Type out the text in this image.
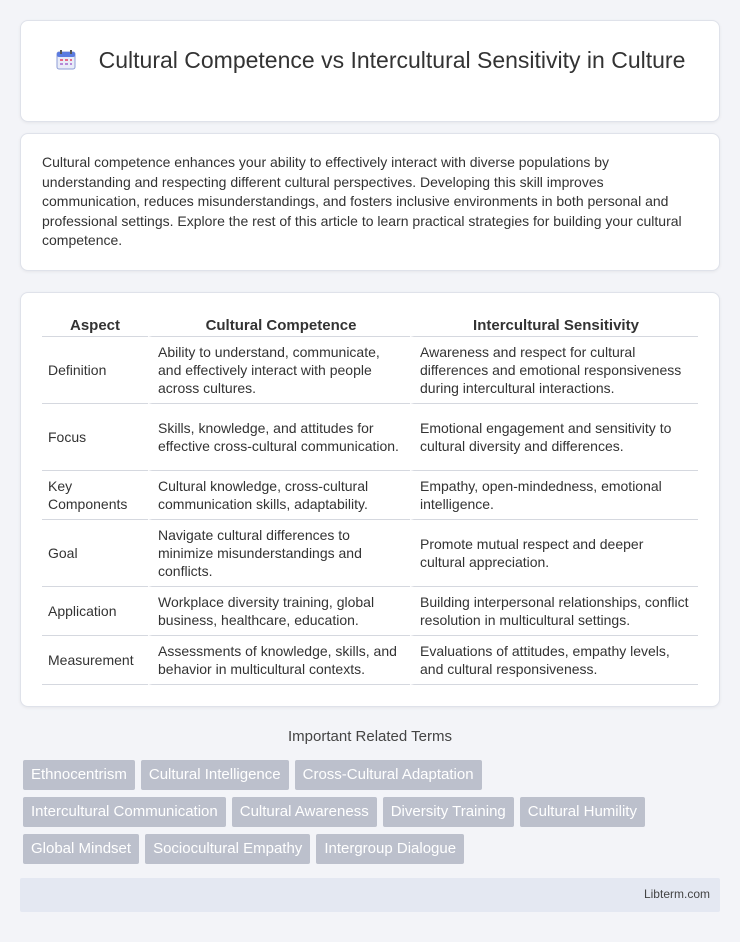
Cultural Competence vs Intercultural Sensitivity in Culture

Cultural competence enhances your ability to effectively interact with diverse populations by understanding and respecting different cultural perspectives. Developing this skill improves communication, reduces misunderstandings, and fosters inclusive environments in both personal and professional settings. Explore the rest of this article to learn practical strategies for building your cultural competence.

Aspect	Cultural Competence	Intercultural Sensitivity
Definition	Ability to understand, communicate, and effectively interact with people across cultures.	Awareness and respect for cultural differences and emotional responsiveness during intercultural interactions.
Focus	Skills, knowledge, and attitudes for effective cross-cultural communication.	Emotional engagement and sensitivity to cultural diversity and differences.
Key Components	Cultural knowledge, cross-cultural communication skills, adaptability.	Empathy, open-mindedness, emotional intelligence.
Goal	Navigate cultural differences to minimize misunderstandings and conflicts.	Promote mutual respect and deeper cultural appreciation.
Application	Workplace diversity training, global business, healthcare, education.	Building interpersonal relationships, conflict resolution in multicultural settings.
Measurement	Assessments of knowledge, skills, and behavior in multicultural contexts.	Evaluations of attitudes, empathy levels, and cultural responsiveness.
Important Related Terms
Ethnocentrism Cultural Intelligence Cross-Cultural Adaptation
Intercultural Communication Cultural Awareness Diversity Training Cultural Humility
Global Mindset Sociocultural Empathy Intergroup Dialogue
Libterm.com
